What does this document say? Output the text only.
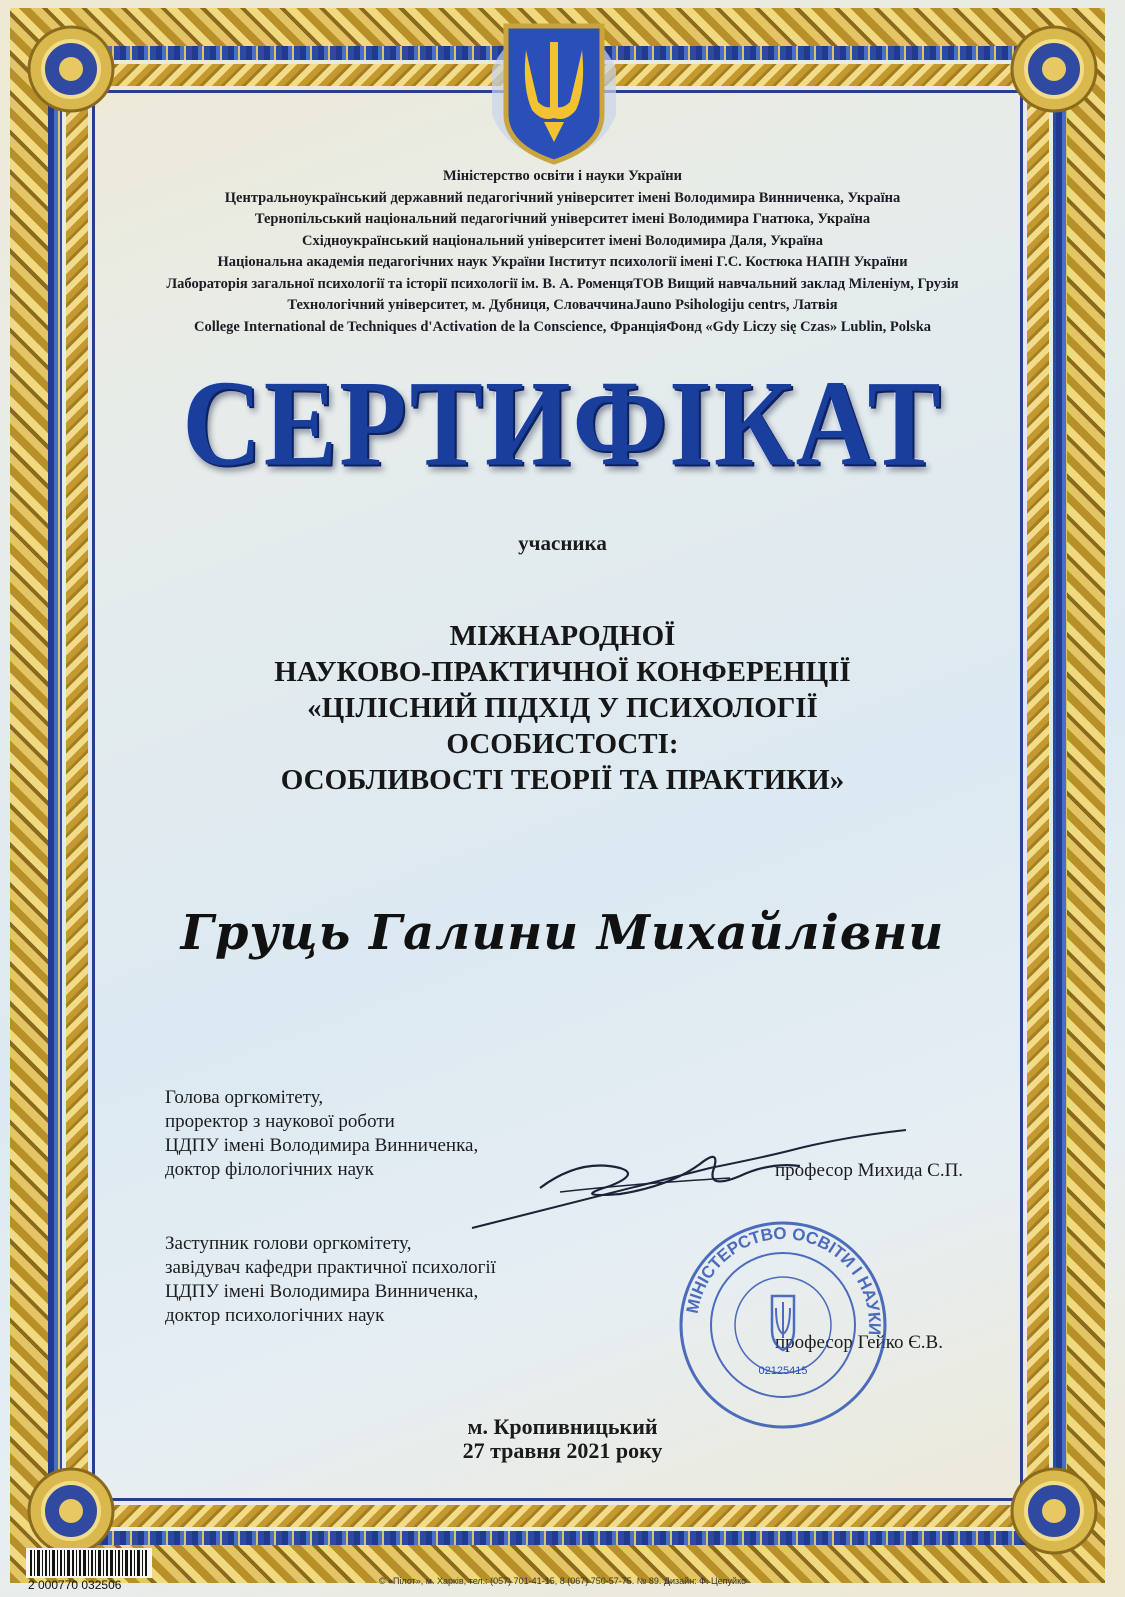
Міністерство освіти і науки України
Центральноукраїнський державний педагогічний університет імені Володимира Винниченка, Україна
Тернопільський національний педагогічний університет імені Володимира Гнатюка, Україна
Східноукраїнський національний університет імені Володимира Даля, Україна
Національна академія педагогічних наук України Інститут психології імені Г.С. Костюка НАПН України
Лабораторія загальної психології та історії психології ім. В. А. РоменцяТОВ Вищий навчальний заклад Міленіум, Грузія
Технологічний університет, м. Дубниця, СловаччинаJauno Psihologiju centrs, Латвія
College International de Techniques d'Activation de la Conscience, ФранціяФонд «Gdy Liczy się Czas» Lublin, Polska
СЕРТИФІКАТ
учасника
МІЖНАРОДНОЇ
НАУКОВО-ПРАКТИЧНОЇ КОНФЕРЕНЦІЇ
«ЦІЛІСНИЙ ПІДХІД У ПСИХОЛОГІЇ
ОСОБИСТОСТІ:
ОСОБЛИВОСТІ ТЕОРІЇ ТА ПРАКТИКИ»
Груць Галини Михайлівни
Голова оргкомітету,
проректор з наукової роботи
ЦДПУ імені Володимира Винниченка,
доктор філологічних наук	професор Михида С.П.
Заступник голови оргкомітету,
завідувач кафедри практичної психології
ЦДПУ імені Володимира Винниченка,
доктор психологічних наук
професор Гейко Є.В.
МІНІСТЕРСТВО ОСВІТИ І НАУКИ
02125415
м. Кропивницький
27 травня 2021 року
2 000770 032506	© «Пілот», м. Харків, тел.: (057) 701-41-15, 8 (067) 750-57-75. № 89. Дизайн: Ф. Цепуйко
